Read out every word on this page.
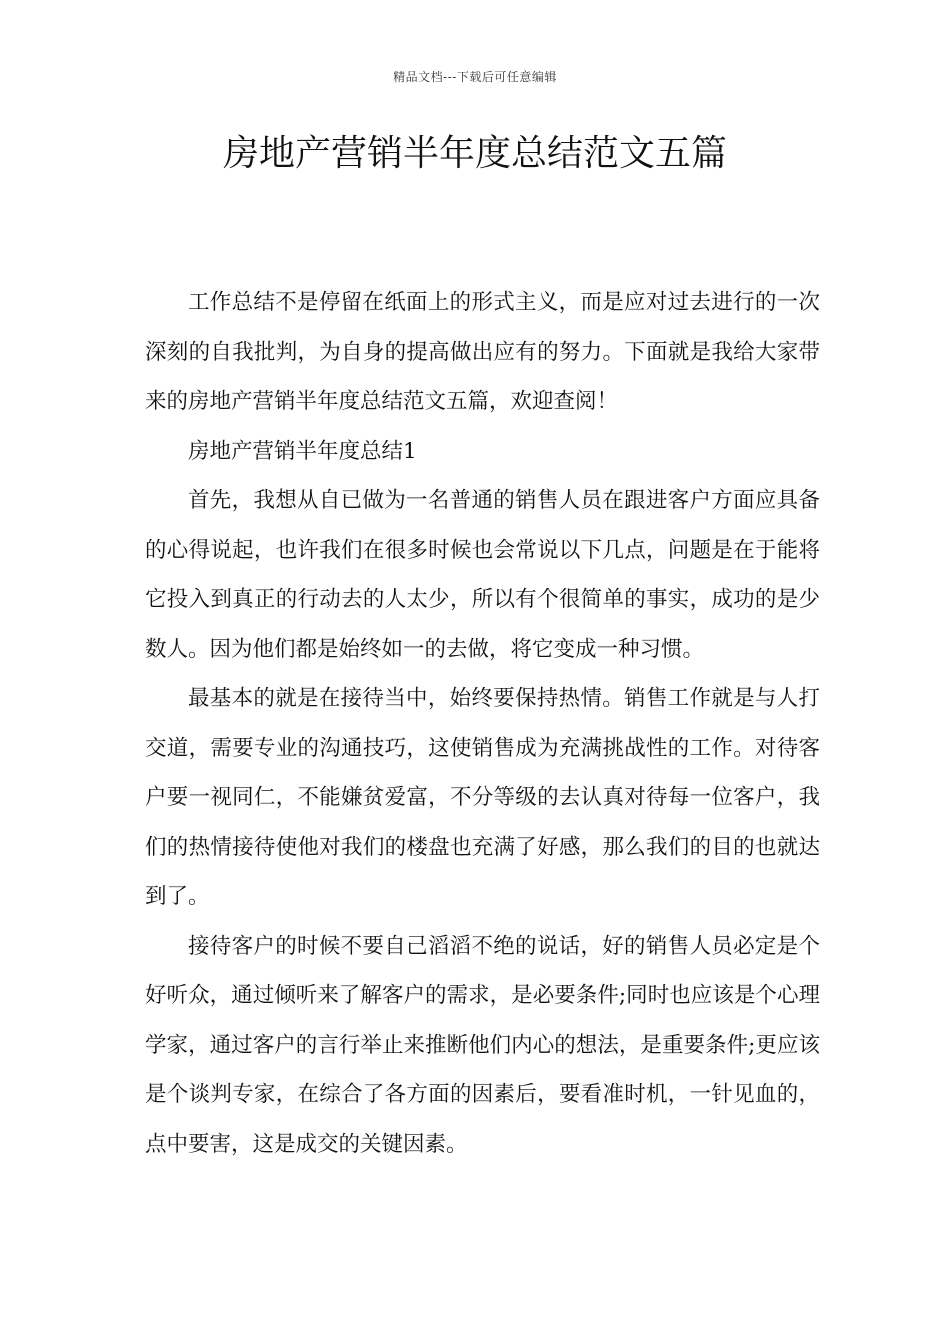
精品文档---下载后可任意编辑
房地产营销半年度总结范文五篇

工作总结不是停留在纸面上的形式主义，而是应对过去进行的一次深刻的自我批判，为自身的提高做出应有的努力。下面就是我给大家带来的房地产营销半年度总结范文五篇，欢迎查阅！

房地产营销半年度总结1

首先，我想从自已做为一名普通的销售人员在跟进客户方面应具备的心得说起，也许我们在很多时候也会常说以下几点，问题是在于能将它投入到真正的行动去的人太少，所以有个很简单的事实，成功的是少数人。因为他们都是始终如一的去做，将它变成一种习惯。

最基本的就是在接待当中，始终要保持热情。销售工作就是与人打交道，需要专业的沟通技巧，这使销售成为充满挑战性的工作。对待客户要一视同仁，不能嫌贫爱富，不分等级的去认真对待每一位客户，我们的热情接待使他对我们的楼盘也充满了好感，那么我们的目的也就达到了。

接待客户的时候不要自己滔滔不绝的说话，好的销售人员必定是个好听众，通过倾听来了解客户的需求，是必要条件;同时也应该是个心理学家，通过客户的言行举止来推断他们内心的想法，是重要条件;更应该是个谈判专家，在综合了各方面的因素后，要看准时机，一针见血的，点中要害，这是成交的关键因素。
